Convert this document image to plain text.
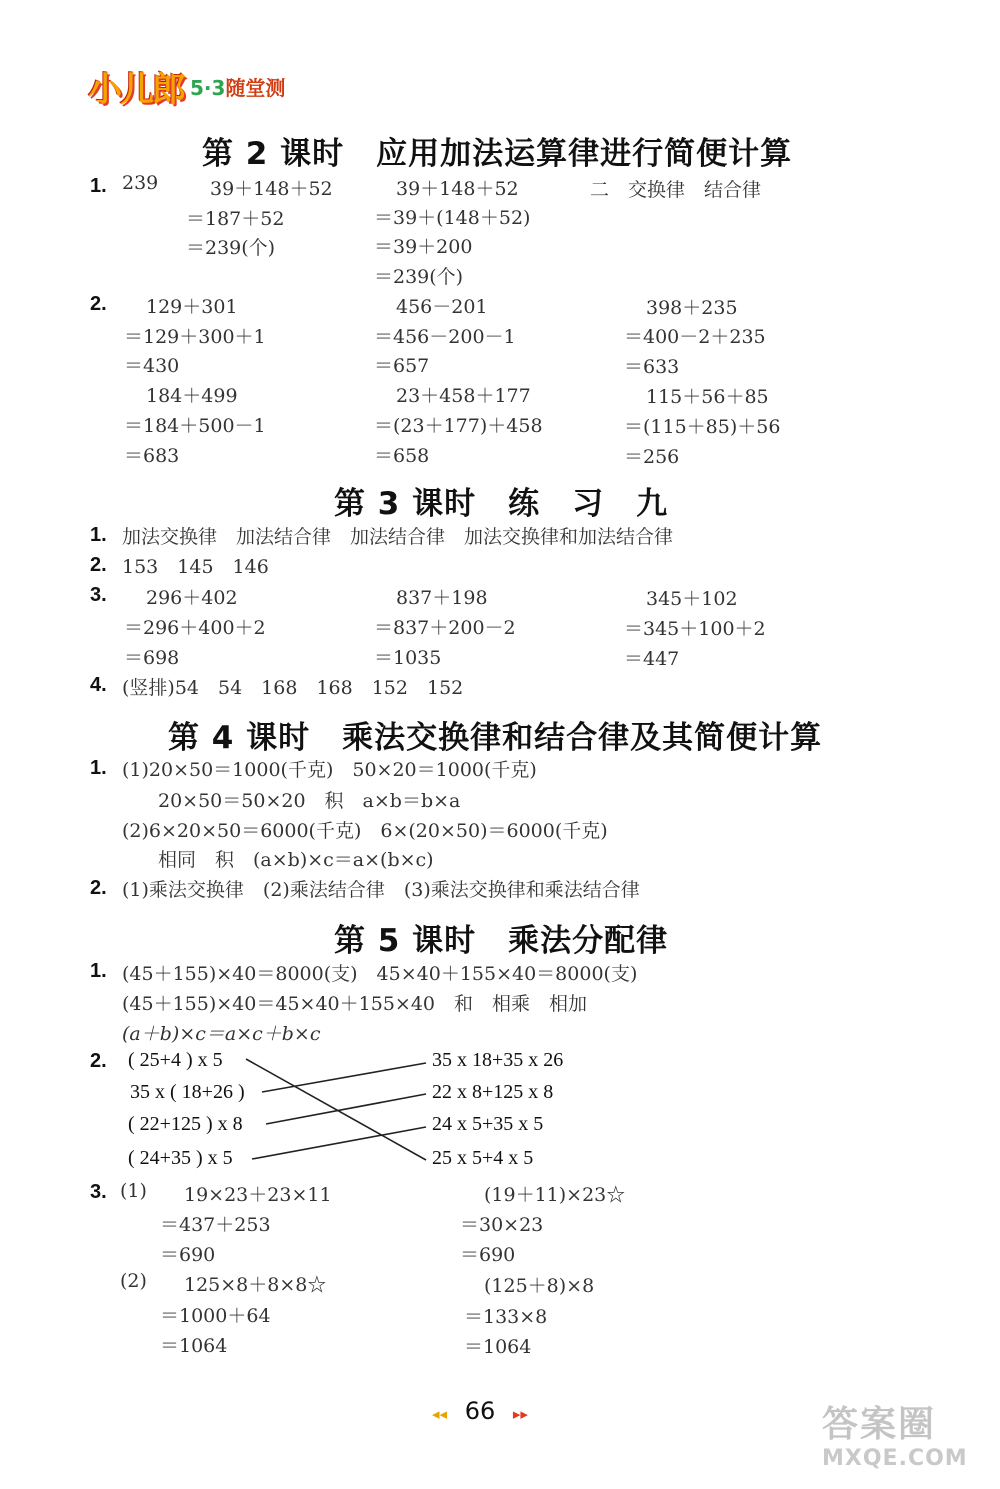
小儿郎 5·3随堂测
第 2 课时　应用加法运算律进行简便计算
1. 239	39＋148＋52
＝187＋52
＝239(个)
39＋148＋52
＝39＋(148＋52)
＝39＋200
＝239(个)
二　交换律　结合律
2. 129＋301
＝129＋300＋1
＝430
456－201
＝456－200－1
＝657
398＋235
＝400－2＋235
＝633
184＋499
＝184＋500－1
＝683
23＋458＋177
＝(23＋177)＋458
＝658
115＋56＋85
＝(115＋85)＋56
＝256
第 3 课时　练　习　九
1. 加法交换律　加法结合律　加法结合律　加法交换律和加法结合律
2. 153　145　146
3. 296＋402
＝296＋400＋2
＝698
837＋198
＝837＋200－2
＝1035
345＋102
＝345＋100＋2
＝447
4. (竖排)54　54　168　168　152　152
第 4 课时　乘法交换律和结合律及其简便计算
1. (1)20×50＝1000(千克)　50×20＝1000(千克)
20×50＝50×20　积　a×b＝b×a
(2)6×20×50＝6000(千克)　6×(20×50)＝6000(千克)
相同　积　(a×b)×c＝a×(b×c)
2. (1)乘法交换律　(2)乘法结合律　(3)乘法交换律和乘法结合律
第 5 课时　乘法分配律
1. (45＋155)×40＝8000(支)　45×40＋155×40＝8000(支)
(45＋155)×40＝45×40＋155×40　和　相乘　相加
(a＋b)×c＝a×c＋b×c
2. ( 25+4 ) x 5
35 x ( 18+26 )
( 22+125 ) x 8
( 24+35 ) x 5
35 x 18+35 x 26
22 x 8+125 x 8
24 x 5+35 x 5
25 x 5+4 x 5
3. (1) 19×23＋23×11
＝437＋253
＝690
(19＋11)×23☆
＝30×23
＝690
(2) 125×8＋8×8☆
＝1000＋64
＝1064
(125＋8)×8
＝133×8
＝1064
◂◂ 66 ▸▸	答案圈
MXQE.COM
